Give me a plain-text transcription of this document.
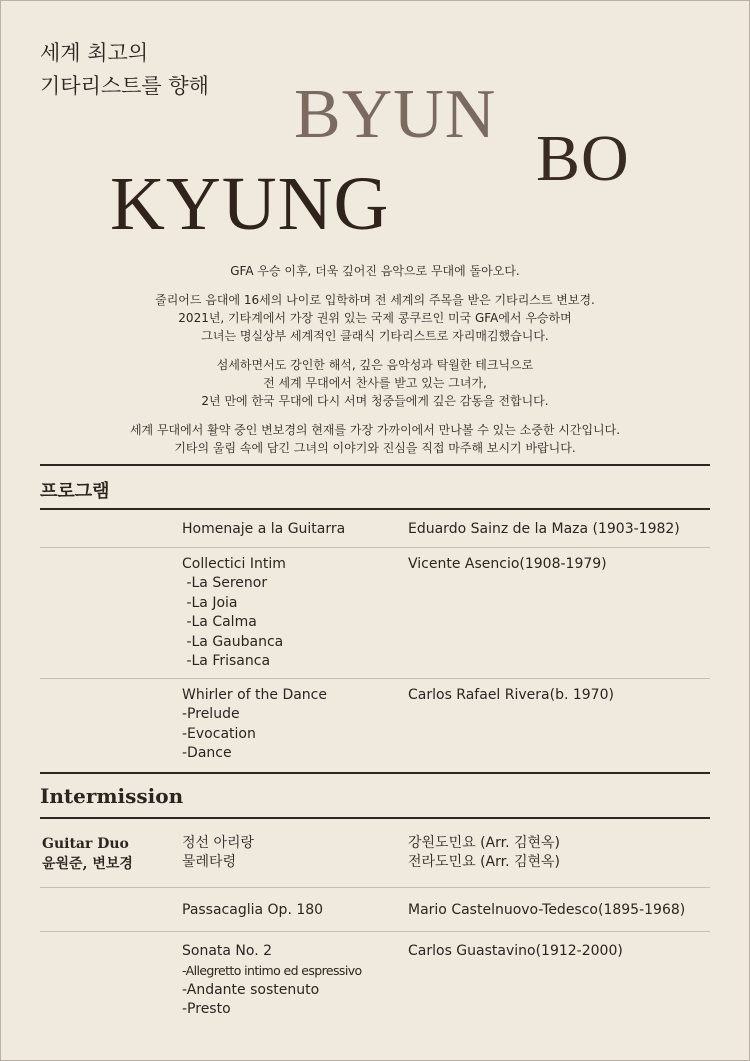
세계 최고의
기타리스트를 향해 BYUN
BO
KYUNG

GFA 우승 이후, 더욱 깊어진 음악으로 무대에 돌아오다.

줄리어드 음대에 16세의 나이로 입학하며 전 세계의 주목을 받은 기타리스트 변보경.
2021년, 기타계에서 가장 권위 있는 국제 콩쿠르인 미국 GFA에서 우승하며
그녀는 명실상부 세계적인 클래식 기타리스트로 자리매김했습니다.

섬세하면서도 강인한 해석, 깊은 음악성과 탁월한 테크닉으로
전 세계 무대에서 찬사를 받고 있는 그녀가,
2년 만에 한국 무대에 다시 서며 청중들에게 깊은 감동을 전합니다.

세계 무대에서 활약 중인 변보경의 현재를 가장 가까이에서 만나볼 수 있는 소중한 시간입니다.
기타의 울림 속에 담긴 그녀의 이야기와 진심을 직접 마주해 보시기 바랍니다.

프로그램
Homenaje a la Guitarra	Eduardo Sainz de la Maza (1903-1982)
Collectici Intim
-La Serenor
-La Joia
-La Calma
-La Gaubanca
-La Frisanca
Vicente Asencio(1908-1979)
Whirler of the Dance
-Prelude
-Evocation
-Dance
Carlos Rafael Rivera(b. 1970)
Intermission
Guitar Duo
윤원준, 변보경
정선 아리랑
물레타령
강원도민요 (Arr. 김현옥)
전라도민요 (Arr. 김현옥)
Passacaglia Op. 180	Mario Castelnuovo-Tedesco(1895-1968)
Sonata No. 2
-Allegretto intimo ed espressivo
-Andante sostenuto
-Presto
Carlos Guastavino(1912-2000)
